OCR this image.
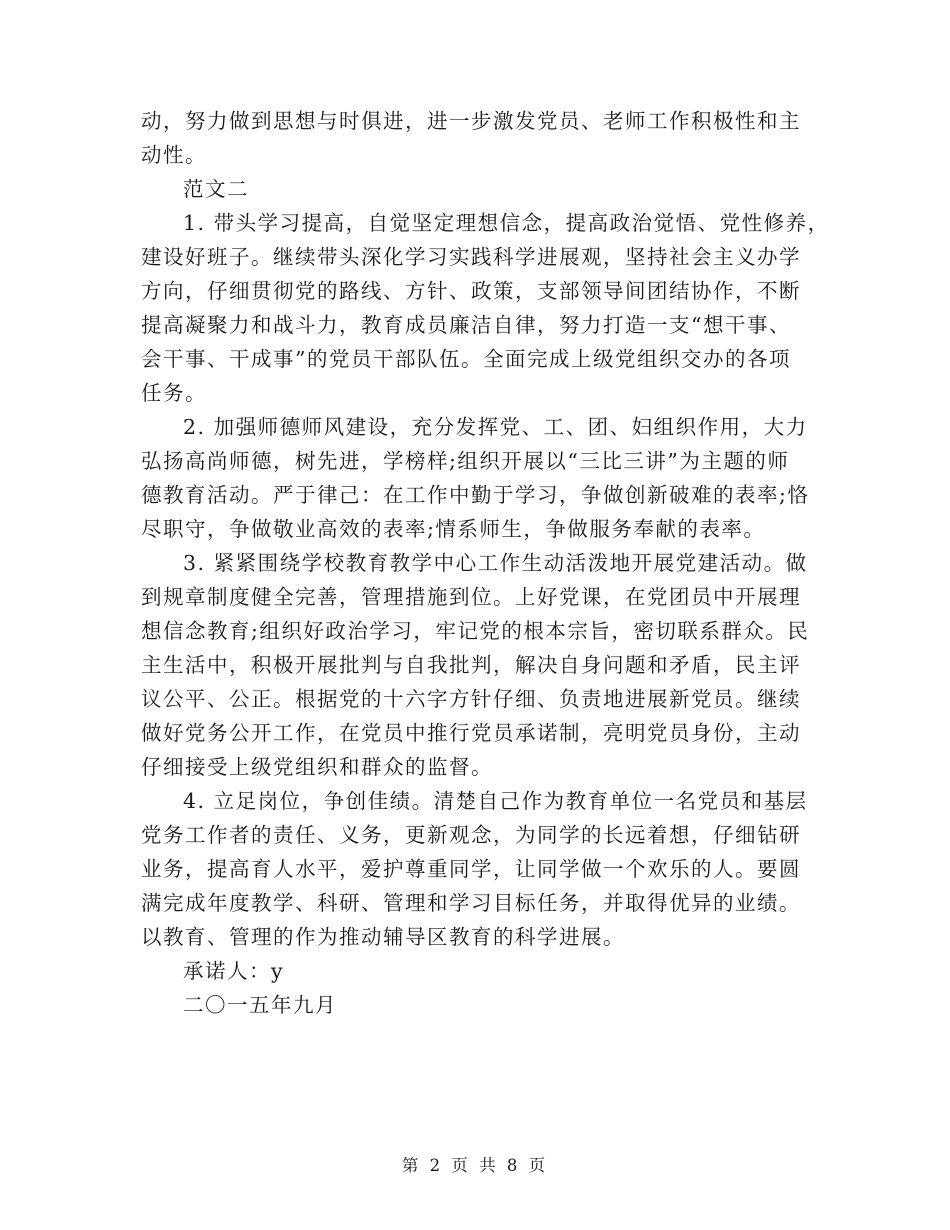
动，努力做到思想与时俱进，进一步激发党员、老师工作积极性和主
动性。
范文二
1. 带头学习提高，自觉坚定理想信念，提高政治觉悟、党性修养，
建设好班子。继续带头深化学习实践科学进展观，坚持社会主义办学
方向，仔细贯彻党的路线、方针、政策，支部领导间团结协作，不断
提高凝聚力和战斗力，教育成员廉洁自律，努力打造一支“想干事、
会干事、干成事”的党员干部队伍。全面完成上级党组织交办的各项
任务。
2. 加强师德师风建设，充分发挥党、工、团、妇组织作用，大力
弘扬高尚师德，树先进，学榜样;组织开展以“三比三讲”为主题的师
德教育活动。严于律己：在工作中勤于学习，争做创新破难的表率;恪
尽职守，争做敬业高效的表率;情系师生，争做服务奉献的表率。
3. 紧紧围绕学校教育教学中心工作生动活泼地开展党建活动。做
到规章制度健全完善，管理措施到位。上好党课，在党团员中开展理
想信念教育;组织好政治学习，牢记党的根本宗旨，密切联系群众。民
主生活中，积极开展批判与自我批判，解决自身问题和矛盾，民主评
议公平、公正。根据党的十六字方针仔细、负责地进展新党员。继续
做好党务公开工作，在党员中推行党员承诺制，亮明党员身份，主动
仔细接受上级党组织和群众的监督。
4. 立足岗位，争创佳绩。清楚自己作为教育单位一名党员和基层
党务工作者的责任、义务，更新观念，为同学的长远着想，仔细钻研
业务，提高育人水平，爱护尊重同学，让同学做一个欢乐的人。要圆
满完成年度教学、科研、管理和学习目标任务，并取得优异的业绩。
以教育、管理的作为推动辅导区教育的科学进展。
承诺人：y
二〇一五年九月
第 2 页 共 8 页
